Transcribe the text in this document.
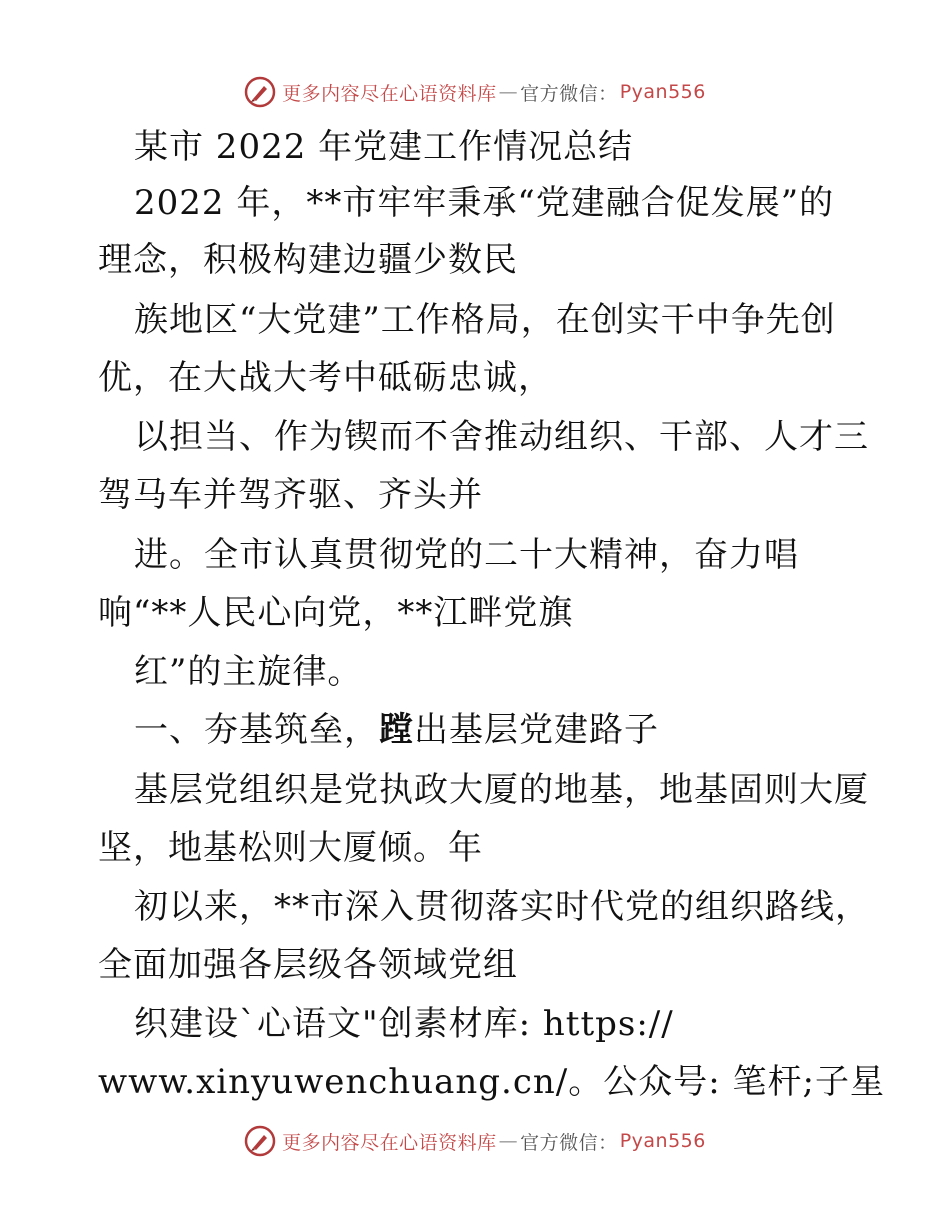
更多内容尽在心语资料库 — 官方微信： Pyan556
某市 2022 年党建工作情况总结
2022 年，**市牢牢秉承“党建融合促发展”的
理念，积极构建边疆少数民
族地区“大党建”工作格局，在创实干中争先创
优，在大战大考中砥砺忠诚，
以担当、作为锲而不舍推动组织、干部、人才三
驾马车并驾齐驱、齐头并
进。全市认真贯彻党的二十大精神，奋力唱
响“**人民心向党，**江畔党旗
红”的主旋律。
一、夯基筑垒，蹚出基层党建路子
基层党组织是党执政大厦的地基，地基固则大厦
坚，地基松则大厦倾。年
初以来，**市深入贯彻落实时代党的组织路线，
全面加强各层级各领域党组
织建设`心语文"创素材库: https://
www.xinyuwenchuang.cn/。公众号: 笔杆;子星
更多内容尽在心语资料库 — 官方微信： Pyan556
